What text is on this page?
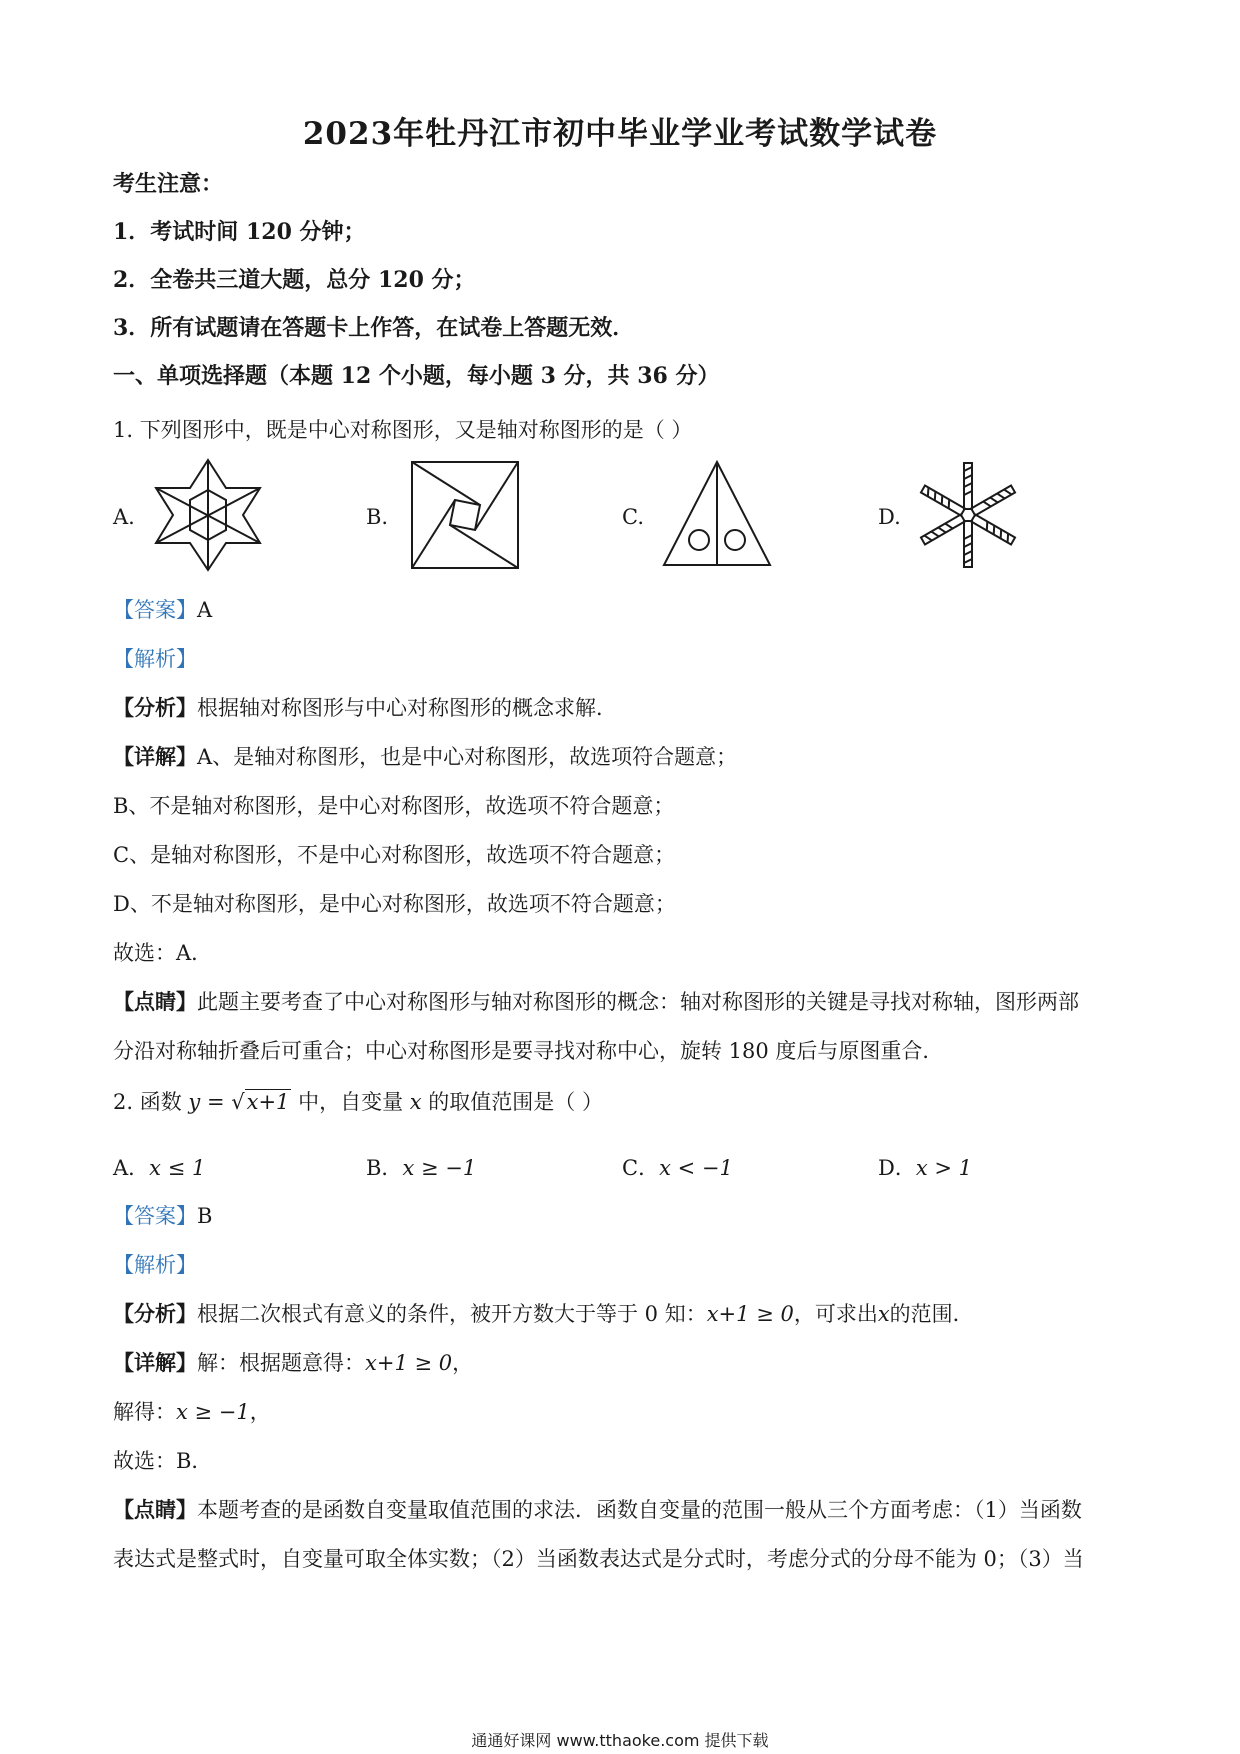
2023年牡丹江市初中毕业学业考试数学试卷
考生注意：
1．考试时间 120 分钟；
2．全卷共三道大题，总分 120 分；
3．所有试题请在答题卡上作答，在试卷上答题无效．
一、单项选择题（本题 12 个小题，每小题 3 分，共 36 分）
1. 下列图形中，既是中心对称图形，又是轴对称图形的是（ ）
A.	B.	C.	D.
【答案】A
【解析】
【分析】根据轴对称图形与中心对称图形的概念求解．
【详解】A、是轴对称图形，也是中心对称图形，故选项符合题意；
B、不是轴对称图形，是中心对称图形，故选项不符合题意；
C、是轴对称图形，不是中心对称图形，故选项不符合题意；
D、不是轴对称图形，是中心对称图形，故选项不符合题意；
故选：A．
【点睛】此题主要考查了中心对称图形与轴对称图形的概念：轴对称图形的关键是寻找对称轴，图形两部
分沿对称轴折叠后可重合；中心对称图形是要寻找对称中心，旋转 180 度后与原图重合．
2. 函数 y = √x+1 中，自变量 x 的取值范围是（ ）
A．x ≤ 1	B．x ≥ −1	C．x < −1	D．x > 1
【答案】B
【解析】
【分析】根据二次根式有意义的条件，被开方数大于等于 0 知：x+1 ≥ 0，可求出x的范围．
【详解】解：根据题意得：x+1 ≥ 0，
解得：x ≥ −1，
故选：B．
【点睛】本题考查的是函数自变量取值范围的求法．函数自变量的范围一般从三个方面考虑：（1）当函数
表达式是整式时，自变量可取全体实数；（2）当函数表达式是分式时，考虑分式的分母不能为 0；（3）当
通通好课网 www.tthaoke.com 提供下载
